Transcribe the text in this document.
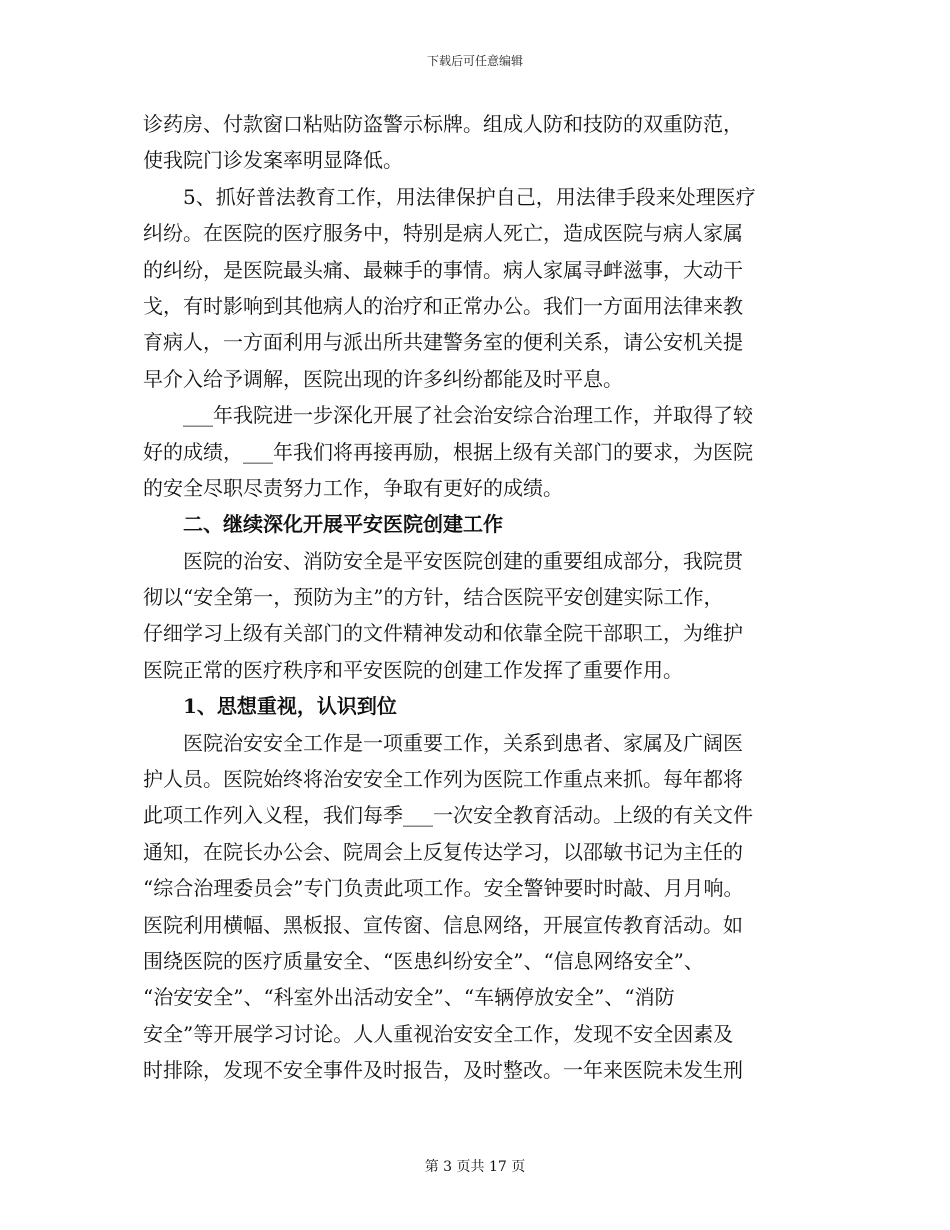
下载后可任意编辑
诊药房、付款窗口粘贴防盗警示标牌。组成人防和技防的双重防范，
使我院门诊发案率明显降低。
　　5、抓好普法教育工作，用法律保护自己，用法律手段来处理医疗
纠纷。在医院的医疗服务中，特别是病人死亡，造成医院与病人家属
的纠纷，是医院最头痛、最棘手的事情。病人家属寻衅滋事，大动干
戈，有时影响到其他病人的治疗和正常办公。我们一方面用法律来教
育病人，一方面利用与派出所共建警务室的便利关系，请公安机关提
早介入给予调解，医院出现的许多纠纷都能及时平息。
　　___年我院进一步深化开展了社会治安综合治理工作，并取得了较
好的成绩，___年我们将再接再励，根据上级有关部门的要求，为医院
的安全尽职尽责努力工作，争取有更好的成绩。
　　二、继续深化开展平安医院创建工作
　　医院的治安、消防安全是平安医院创建的重要组成部分，我院贯
彻以“安全第一，预防为主”的方针，结合医院平安创建实际工作，
仔细学习上级有关部门的文件精神发动和依靠全院干部职工，为维护
医院正常的医疗秩序和平安医院的创建工作发挥了重要作用。
　　1、思想重视，认识到位
　　医院治安安全工作是一项重要工作，关系到患者、家属及广阔医
护人员。医院始终将治安安全工作列为医院工作重点来抓。每年都将
此项工作列入义程，我们每季___一次安全教育活动。上级的有关文件
通知，在院长办公会、院周会上反复传达学习，以邵敏书记为主任的
“综合治理委员会”专门负责此项工作。安全警钟要时时敲、月月响。
医院利用横幅、黑板报、宣传窗、信息网络，开展宣传教育活动。如
围绕医院的医疗质量安全、“医患纠纷安全”、“信息网络安全”、
“治安安全”、“科室外出活动安全”、“车辆停放安全”、“消防
安全”等开展学习讨论。人人重视治安安全工作，发现不安全因素及
时排除，发现不安全事件及时报告，及时整改。一年来医院未发生刑
第 3 页共 17 页
